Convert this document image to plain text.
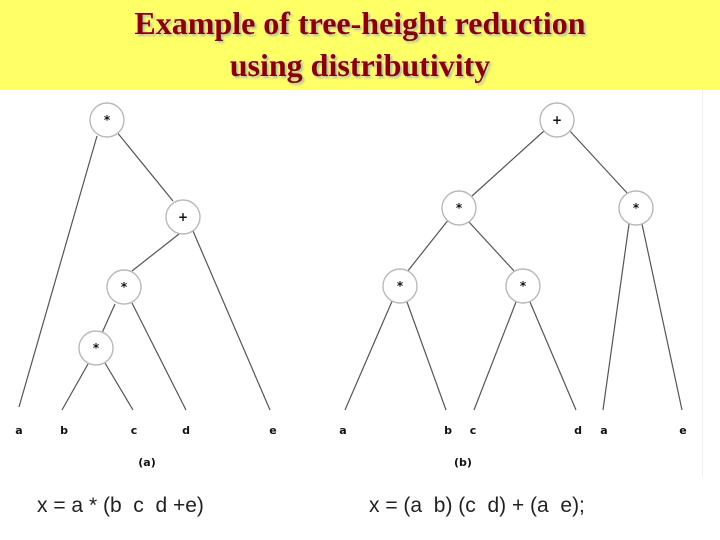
Example of tree-height reduction
using distributivity
*
+
*
*
a	b	c	d	e
(a)
+
*	*
*	*
a	b c	d a	e
(b)
x = a * (b  c  d +e)	x = (a  b) (c  d) + (a  e);
